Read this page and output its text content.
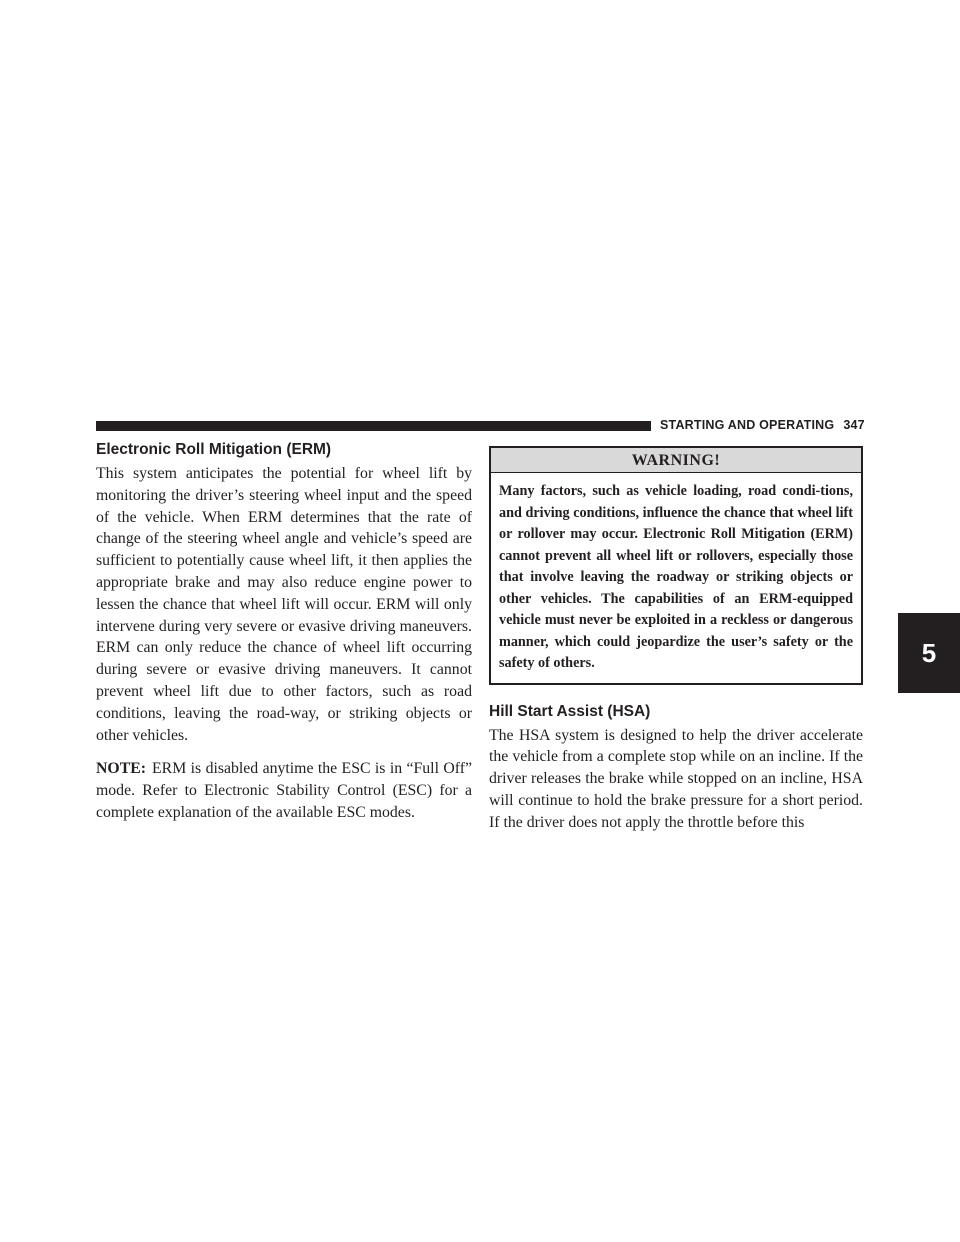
STARTING AND OPERATING 347
5
Electronic Roll Mitigation (ERM)

This system anticipates the potential for wheel lift by monitoring the driver’s steering wheel input and the speed of the vehicle. When ERM determines that the rate of change of the steering wheel angle and vehicle’s speed are sufficient to potentially cause wheel lift, it then applies the appropriate brake and may also reduce engine power to lessen the chance that wheel lift will occur. ERM will only intervene during very severe or evasive driving maneuvers. ERM can only reduce the chance of wheel lift occurring during severe or evasive driving maneuvers. It cannot prevent wheel lift due to other factors, such as road conditions, leaving the road-way, or striking objects or other vehicles.

NOTE: ERM is disabled anytime the ESC is in “Full Off” mode. Refer to Electronic Stability Control (ESC) for a complete explanation of the available ESC modes.

WARNING!
Many factors, such as vehicle loading, road condi-tions, and driving conditions, influence the chance that wheel lift or rollover may occur. Electronic Roll Mitigation (ERM) cannot prevent all wheel lift or rollovers, especially those that involve leaving the roadway or striking objects or other vehicles. The capabilities of an ERM-equipped vehicle must never be exploited in a reckless or dangerous manner, which could jeopardize the user’s safety or the safety of others.
Hill Start Assist (HSA)

The HSA system is designed to help the driver accelerate the vehicle from a complete stop while on an incline. If the driver releases the brake while stopped on an incline, HSA will continue to hold the brake pressure for a short period. If the driver does not apply the throttle before this
